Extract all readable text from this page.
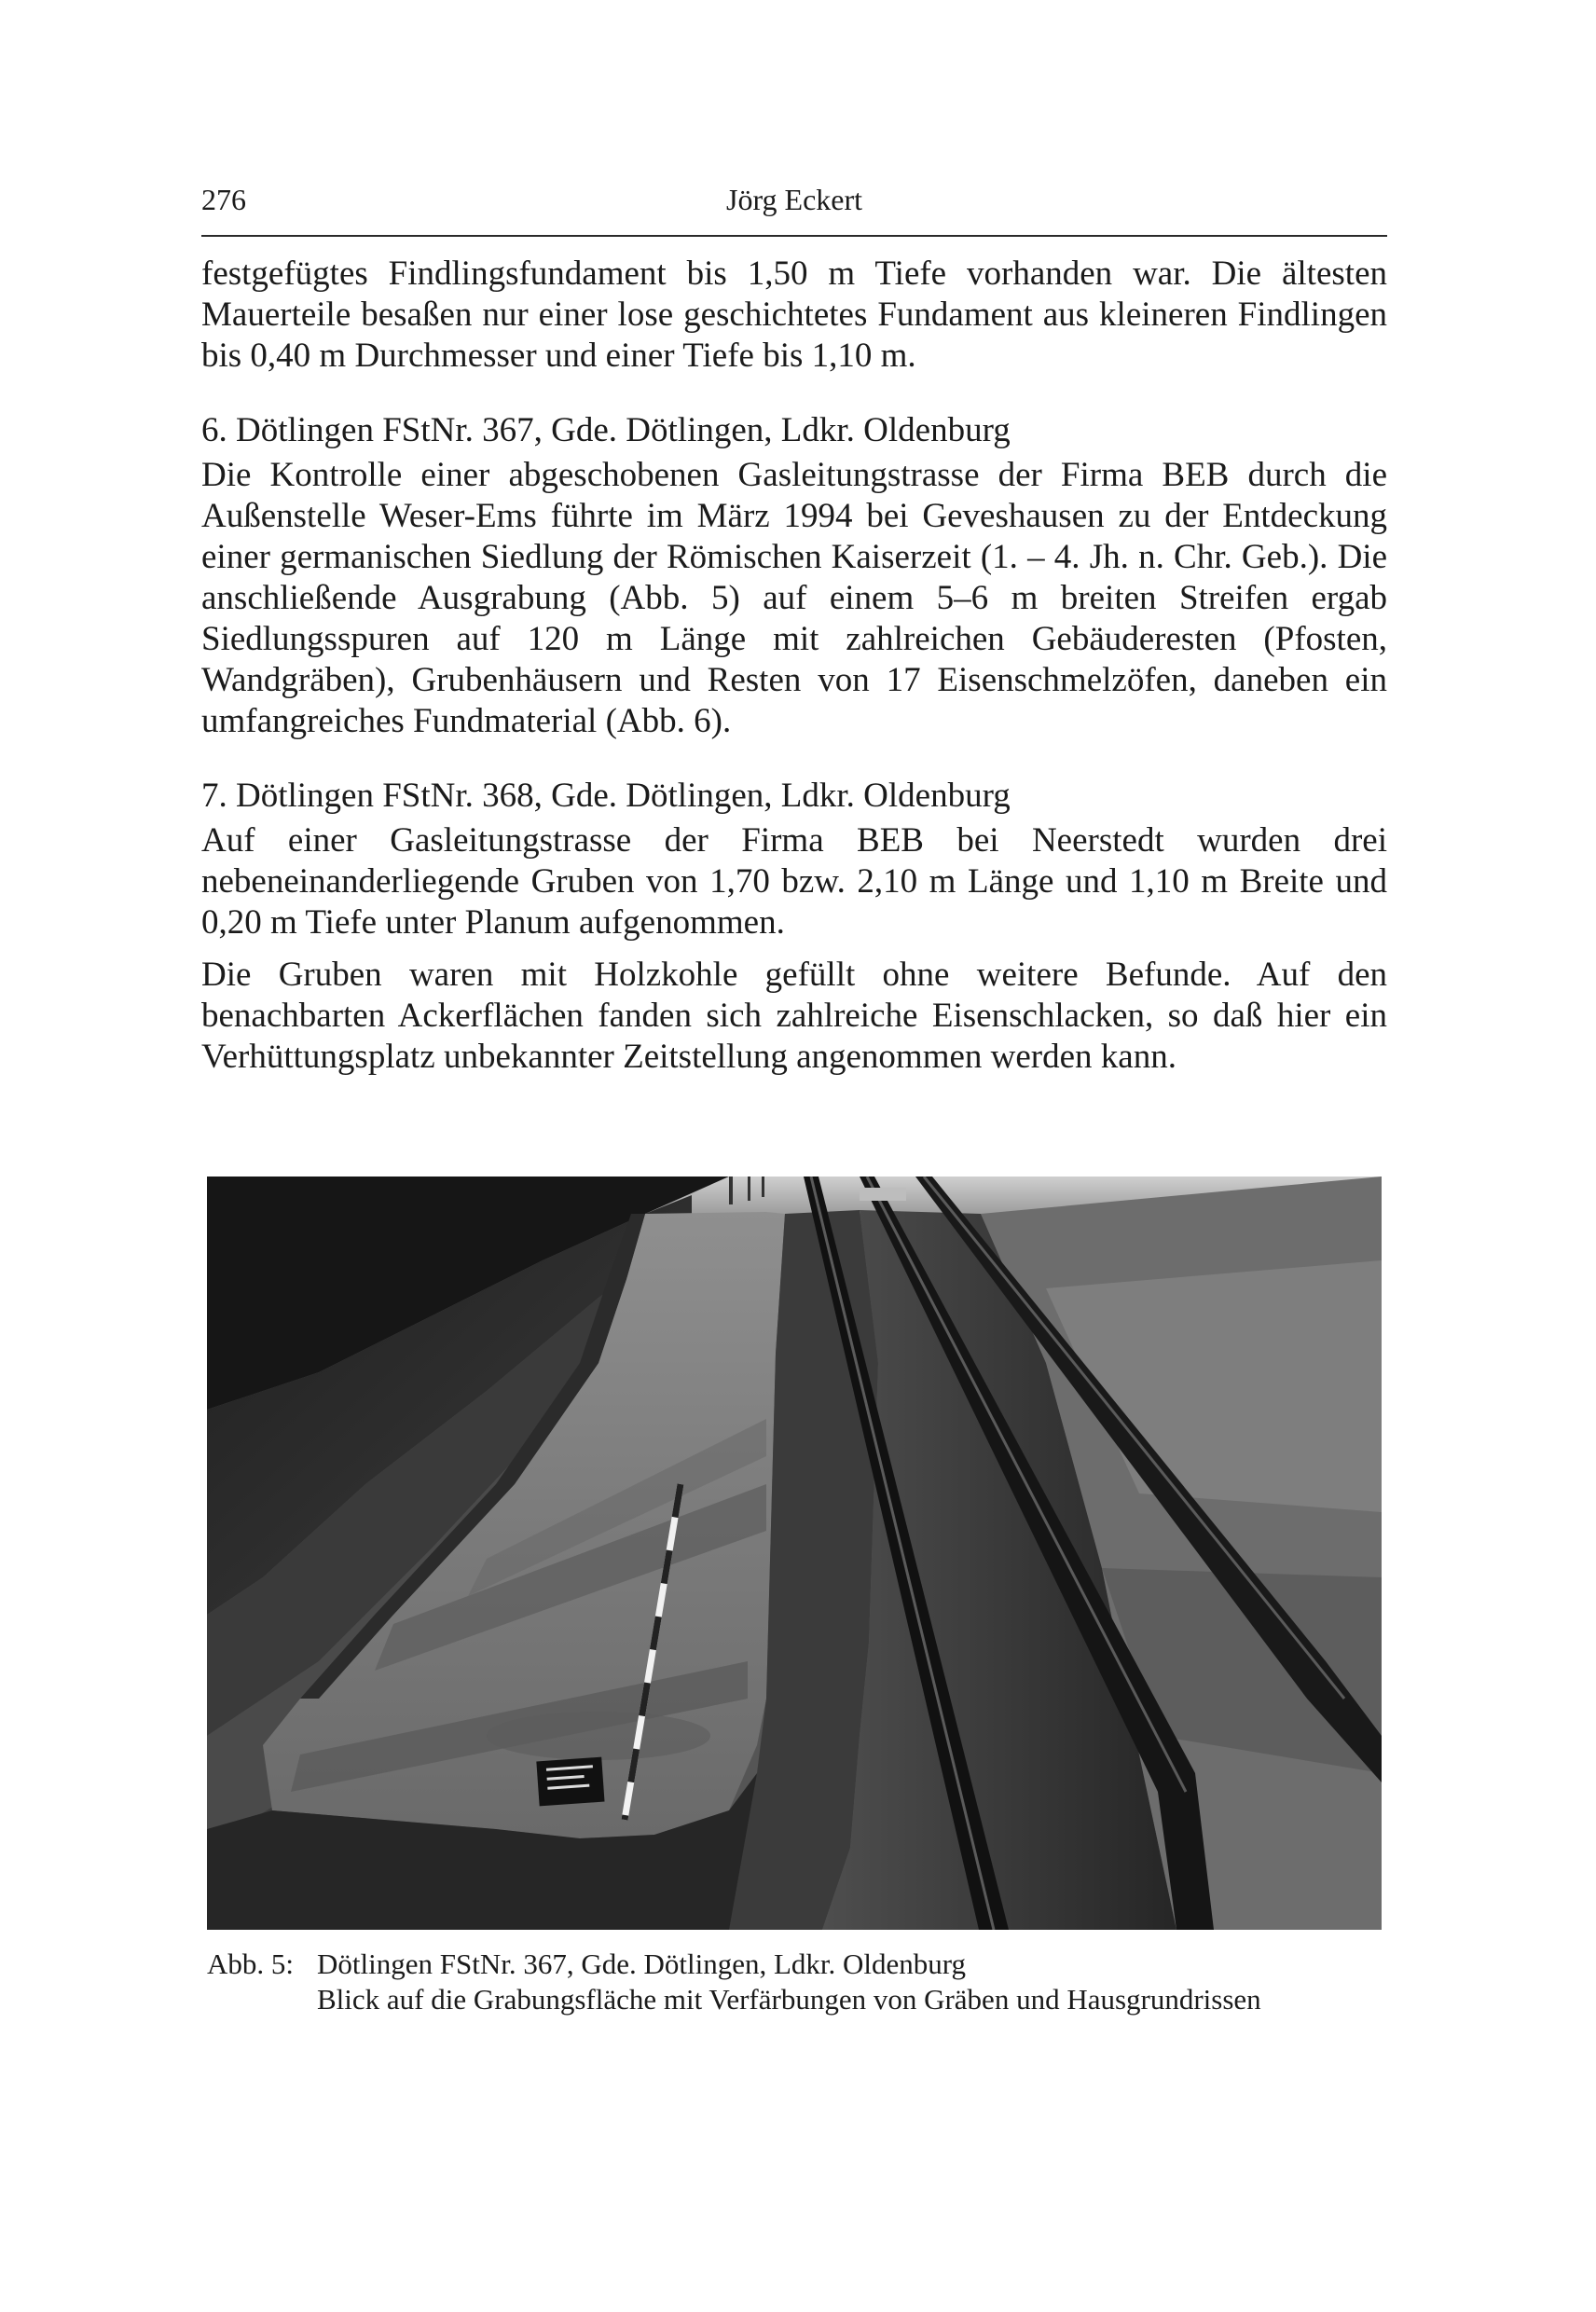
276	Jörg Eckert

festgefügtes Findlingsfundament bis 1,50 m Tiefe vorhanden war. Die ältesten Mauerteile besaßen nur einer lose geschichtetes Fundament aus kleineren Findlingen bis 0,40 m Durchmesser und einer Tiefe bis 1,10 m.

6. Dötlingen FStNr. 367, Gde. Dötlingen, Ldkr. Oldenburg

Die Kontrolle einer abgeschobenen Gasleitungstrasse der Firma BEB durch die Außenstelle Weser-Ems führte im März 1994 bei Geveshausen zu der Entdeckung einer germanischen Siedlung der Römischen Kaiserzeit (1. – 4. Jh. n. Chr. Geb.). Die anschließende Ausgrabung (Abb. 5) auf einem 5–6 m breiten Streifen ergab Siedlungsspuren auf 120 m Länge mit zahlreichen Gebäuderesten (Pfosten, Wandgräben), Grubenhäusern und Resten von 17 Eisenschmelzöfen, daneben ein umfangreiches Fundmaterial (Abb. 6).

7. Dötlingen FStNr. 368, Gde. Dötlingen, Ldkr. Oldenburg

Auf einer Gasleitungstrasse der Firma BEB bei Neerstedt wurden drei nebeneinanderliegende Gruben von 1,70 bzw. 2,10 m Länge und 1,10 m Breite und 0,20 m Tiefe unter Planum aufgenommen.

Die Gruben waren mit Holzkohle gefüllt ohne weitere Befunde. Auf den benachbarten Ackerflächen fanden sich zahlreiche Eisenschlacken, so daß hier ein Verhüttungsplatz unbekannter Zeitstellung angenommen werden kann.

Abb. 5: Dötlingen FStNr. 367, Gde. Dötlingen, Ldkr. Oldenburg
Blick auf die Grabungsfläche mit Verfärbungen von Gräben und Hausgrundrissen
